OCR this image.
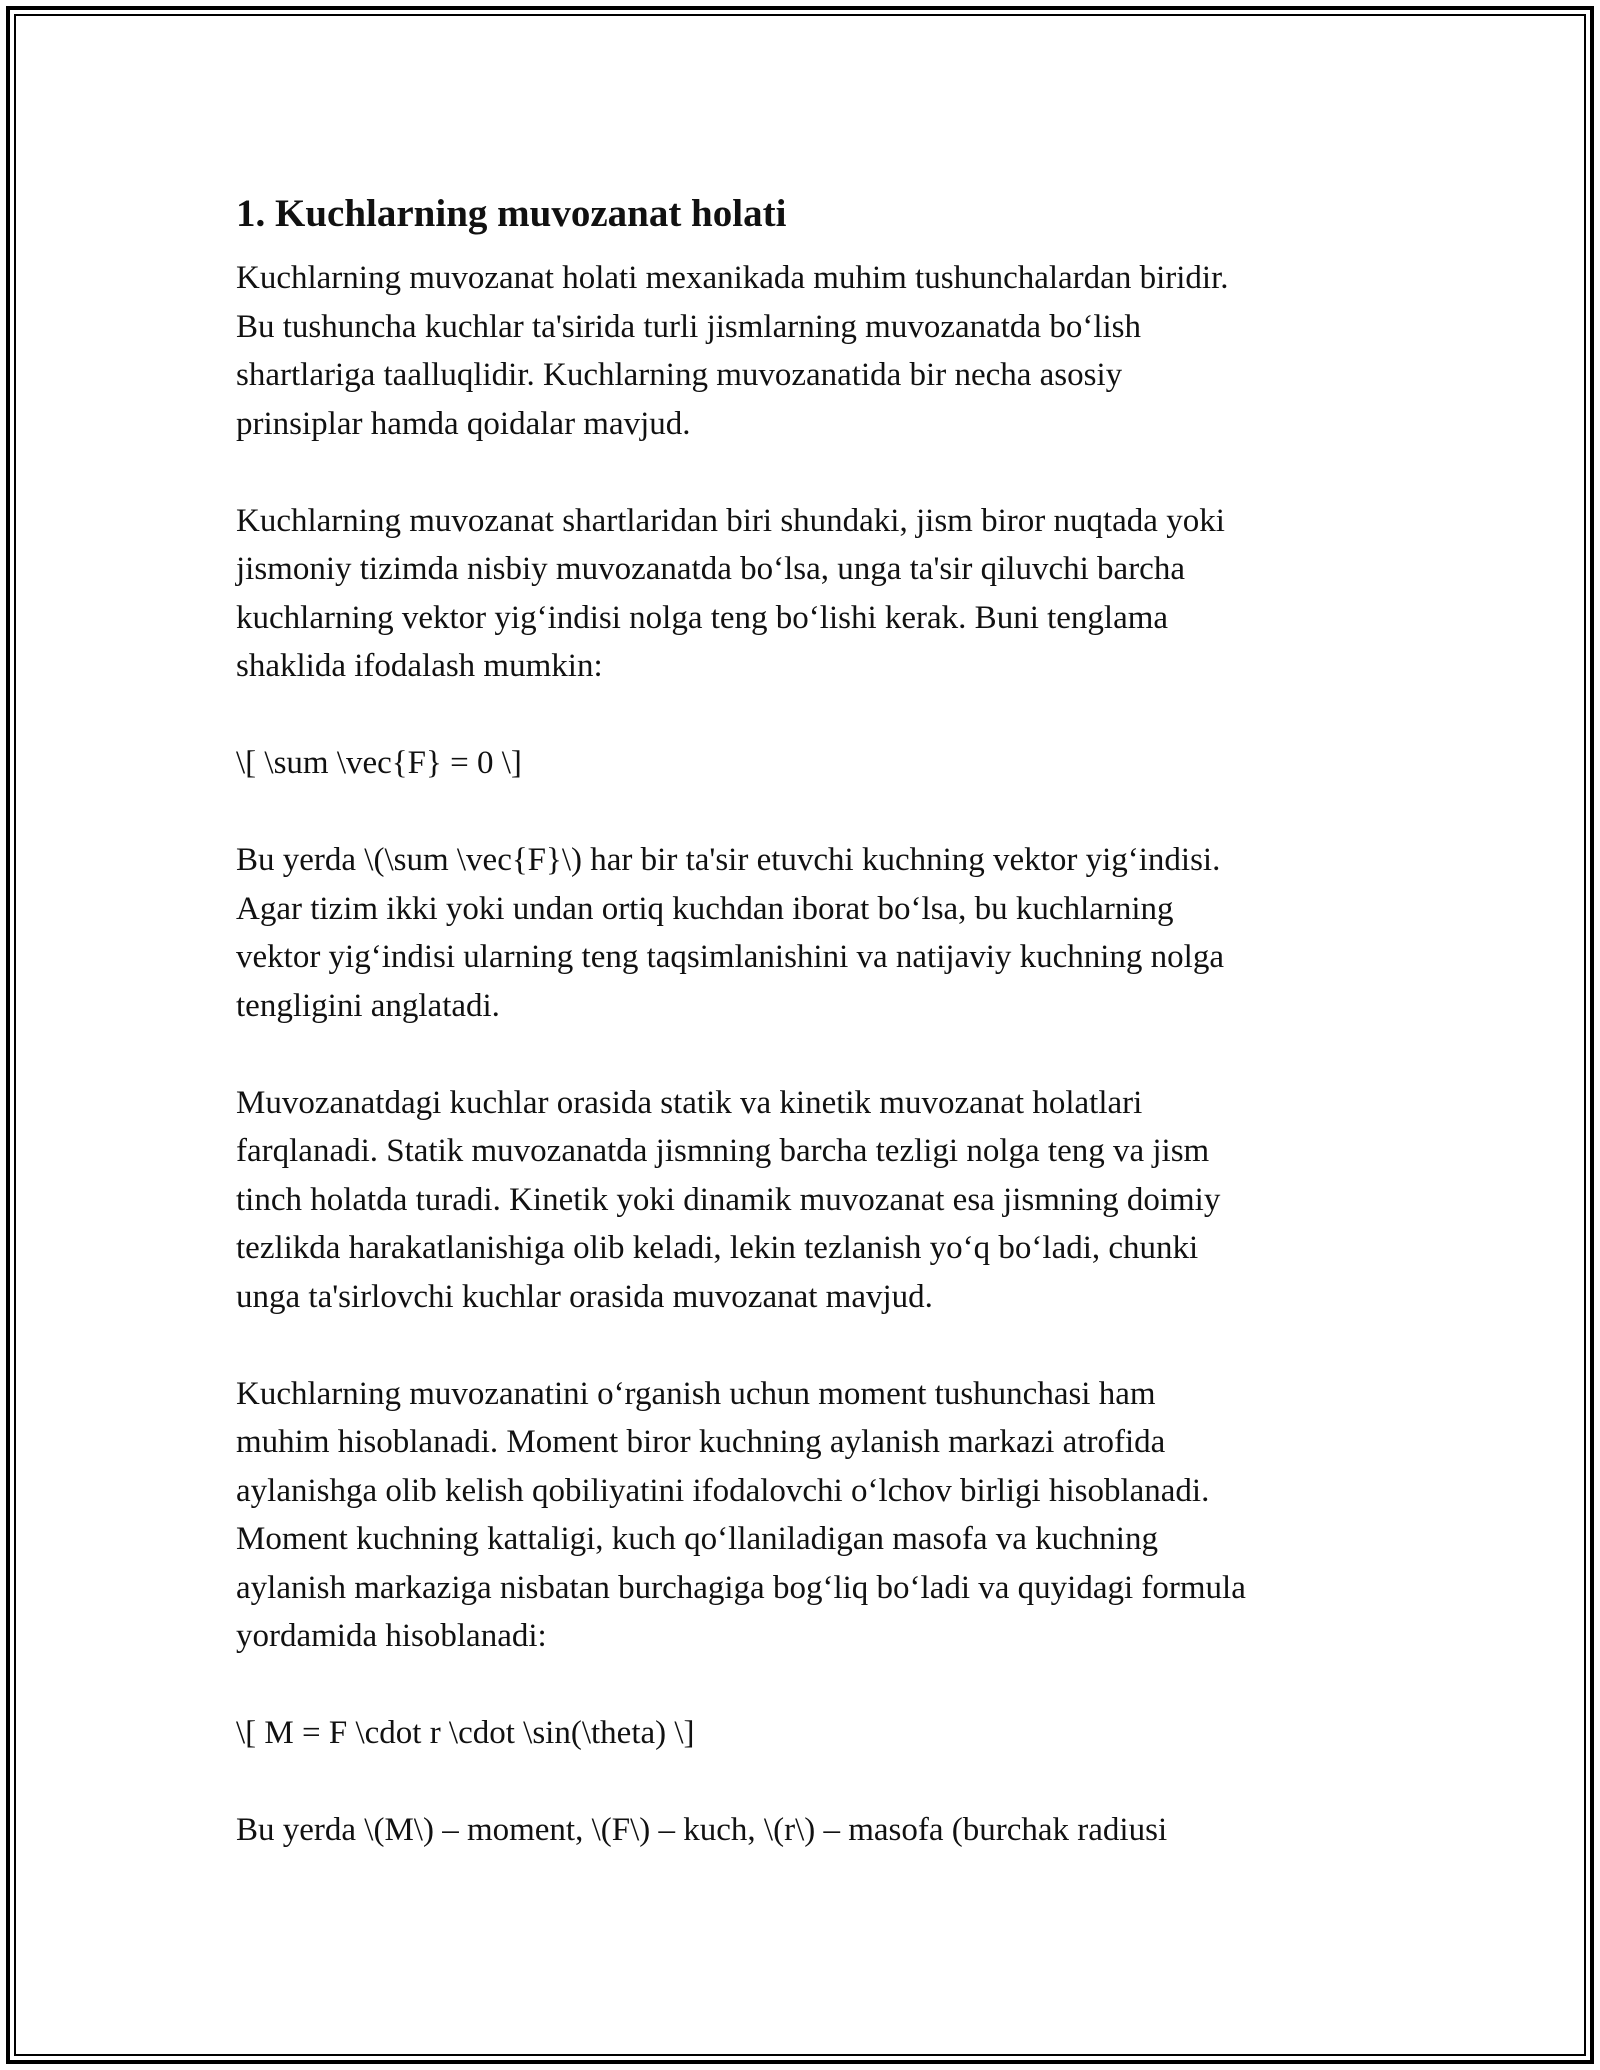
1. Kuchlarning muvozanat holati
Kuchlarning muvozanat holati mexanikada muhim tushunchalardan biridir.
Bu tushuncha kuchlar ta'sirida turli jismlarning muvozanatda bo‘lish
shartlariga taalluqlidir. Kuchlarning muvozanatida bir necha asosiy
prinsiplar hamda qoidalar mavjud.
Kuchlarning muvozanat shartlaridan biri shundaki, jism biror nuqtada yoki
jismoniy tizimda nisbiy muvozanatda bo‘lsa, unga ta'sir qiluvchi barcha
kuchlarning vektor yig‘indisi nolga teng bo‘lishi kerak. Buni tenglama
shaklida ifodalash mumkin:
\[ \sum \vec{F} = 0 \]
Bu yerda \(\sum \vec{F}\) har bir ta'sir etuvchi kuchning vektor yig‘indisi.
Agar tizim ikki yoki undan ortiq kuchdan iborat bo‘lsa, bu kuchlarning
vektor yig‘indisi ularning teng taqsimlanishini va natijaviy kuchning nolga
tengligini anglatadi.
Muvozanatdagi kuchlar orasida statik va kinetik muvozanat holatlari
farqlanadi. Statik muvozanatda jismning barcha tezligi nolga teng va jism
tinch holatda turadi. Kinetik yoki dinamik muvozanat esa jismning doimiy
tezlikda harakatlanishiga olib keladi, lekin tezlanish yo‘q bo‘ladi, chunki
unga ta'sirlovchi kuchlar orasida muvozanat mavjud.
Kuchlarning muvozanatini o‘rganish uchun moment tushunchasi ham
muhim hisoblanadi. Moment biror kuchning aylanish markazi atrofida
aylanishga olib kelish qobiliyatini ifodalovchi o‘lchov birligi hisoblanadi.
Moment kuchning kattaligi, kuch qo‘llaniladigan masofa va kuchning
aylanish markaziga nisbatan burchagiga bog‘liq bo‘ladi va quyidagi formula
yordamida hisoblanadi:
\[ M = F \cdot r \cdot \sin(\theta) \]
Bu yerda \(M\) – moment, \(F\) – kuch, \(r\) – masofa (burchak radiusi
